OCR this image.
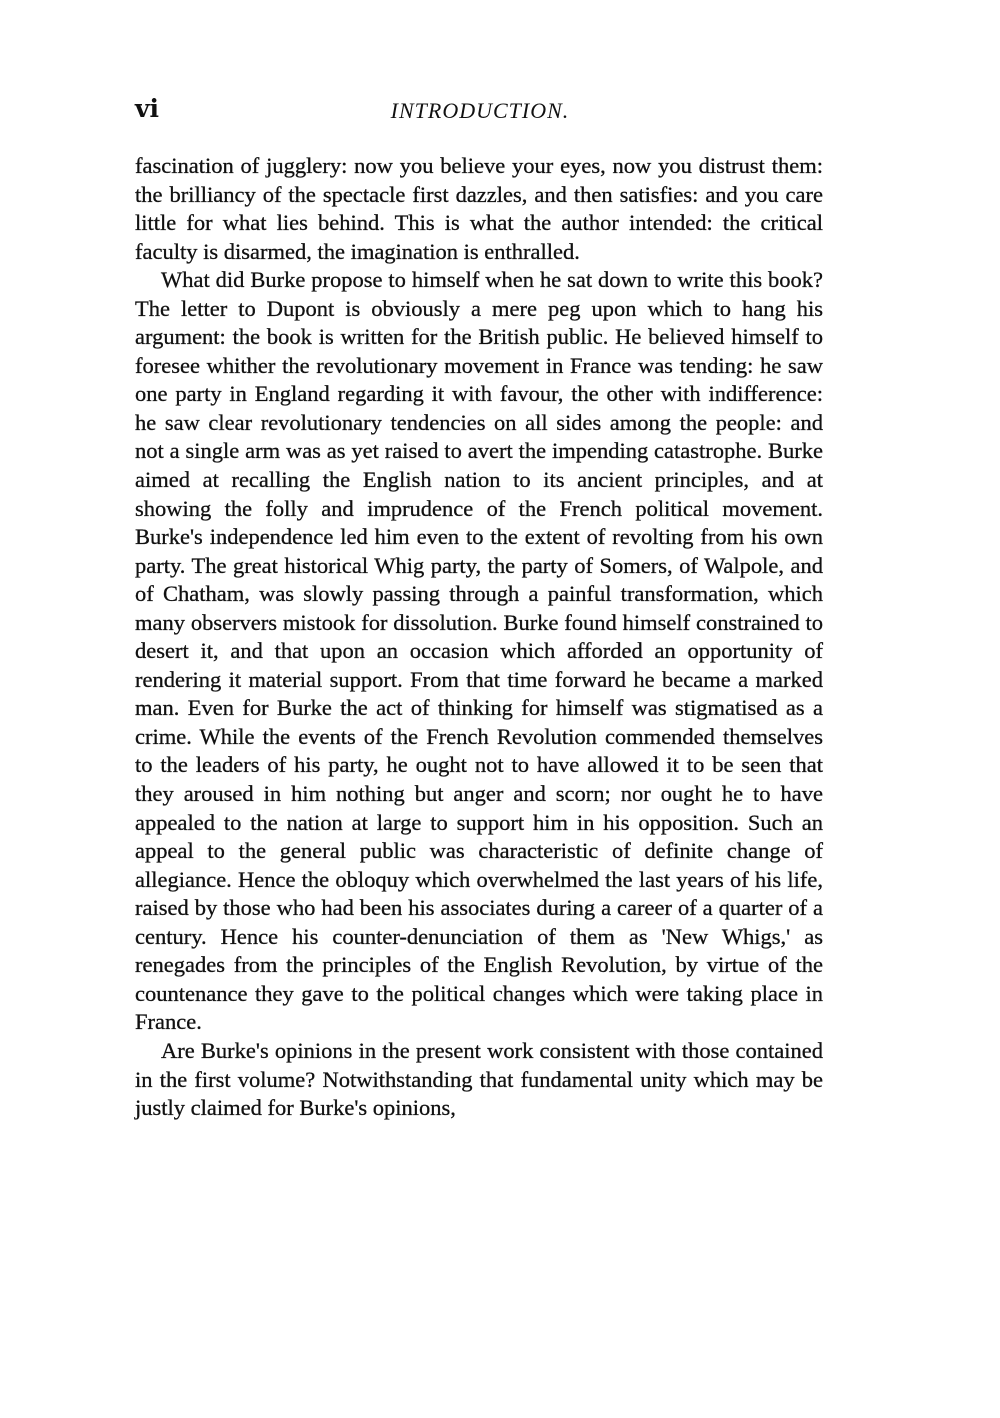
vi	INTRODUCTION.

fascination of jugglery: now you believe your eyes, now you distrust them: the brilliancy of the spectacle first dazzles, and then satisfies: and you care little for what lies behind. This is what the author intended: the critical faculty is disarmed, the imagination is enthralled.

What did Burke propose to himself when he sat down to write this book? The letter to Dupont is obviously a mere peg upon which to hang his argument: the book is written for the British public. He believed himself to foresee whither the revolutionary movement in France was tending: he saw one party in England regarding it with favour, the other with indifference: he saw clear revolutionary tendencies on all sides among the people: and not a single arm was as yet raised to avert the impending catastrophe. Burke aimed at recalling the English nation to its ancient principles, and at showing the folly and imprudence of the French political movement. Burke's independence led him even to the extent of revolting from his own party. The great historical Whig party, the party of Somers, of Walpole, and of Chatham, was slowly passing through a painful transformation, which many observers mistook for dissolution. Burke found himself constrained to desert it, and that upon an occasion which afforded an opportunity of rendering it material support. From that time forward he became a marked man. Even for Burke the act of thinking for himself was stigmatised as a crime. While the events of the French Revolution commended themselves to the leaders of his party, he ought not to have allowed it to be seen that they aroused in him nothing but anger and scorn; nor ought he to have appealed to the nation at large to support him in his opposition. Such an appeal to the general public was characteristic of definite change of allegiance. Hence the obloquy which overwhelmed the last years of his life, raised by those who had been his associates during a career of a quarter of a century. Hence his counter-denunciation of them as 'New Whigs,' as renegades from the principles of the English Revolution, by virtue of the countenance they gave to the political changes which were taking place in France.

Are Burke's opinions in the present work consistent with those contained in the first volume? Notwithstanding that fundamental unity which may be justly claimed for Burke's opinions,
